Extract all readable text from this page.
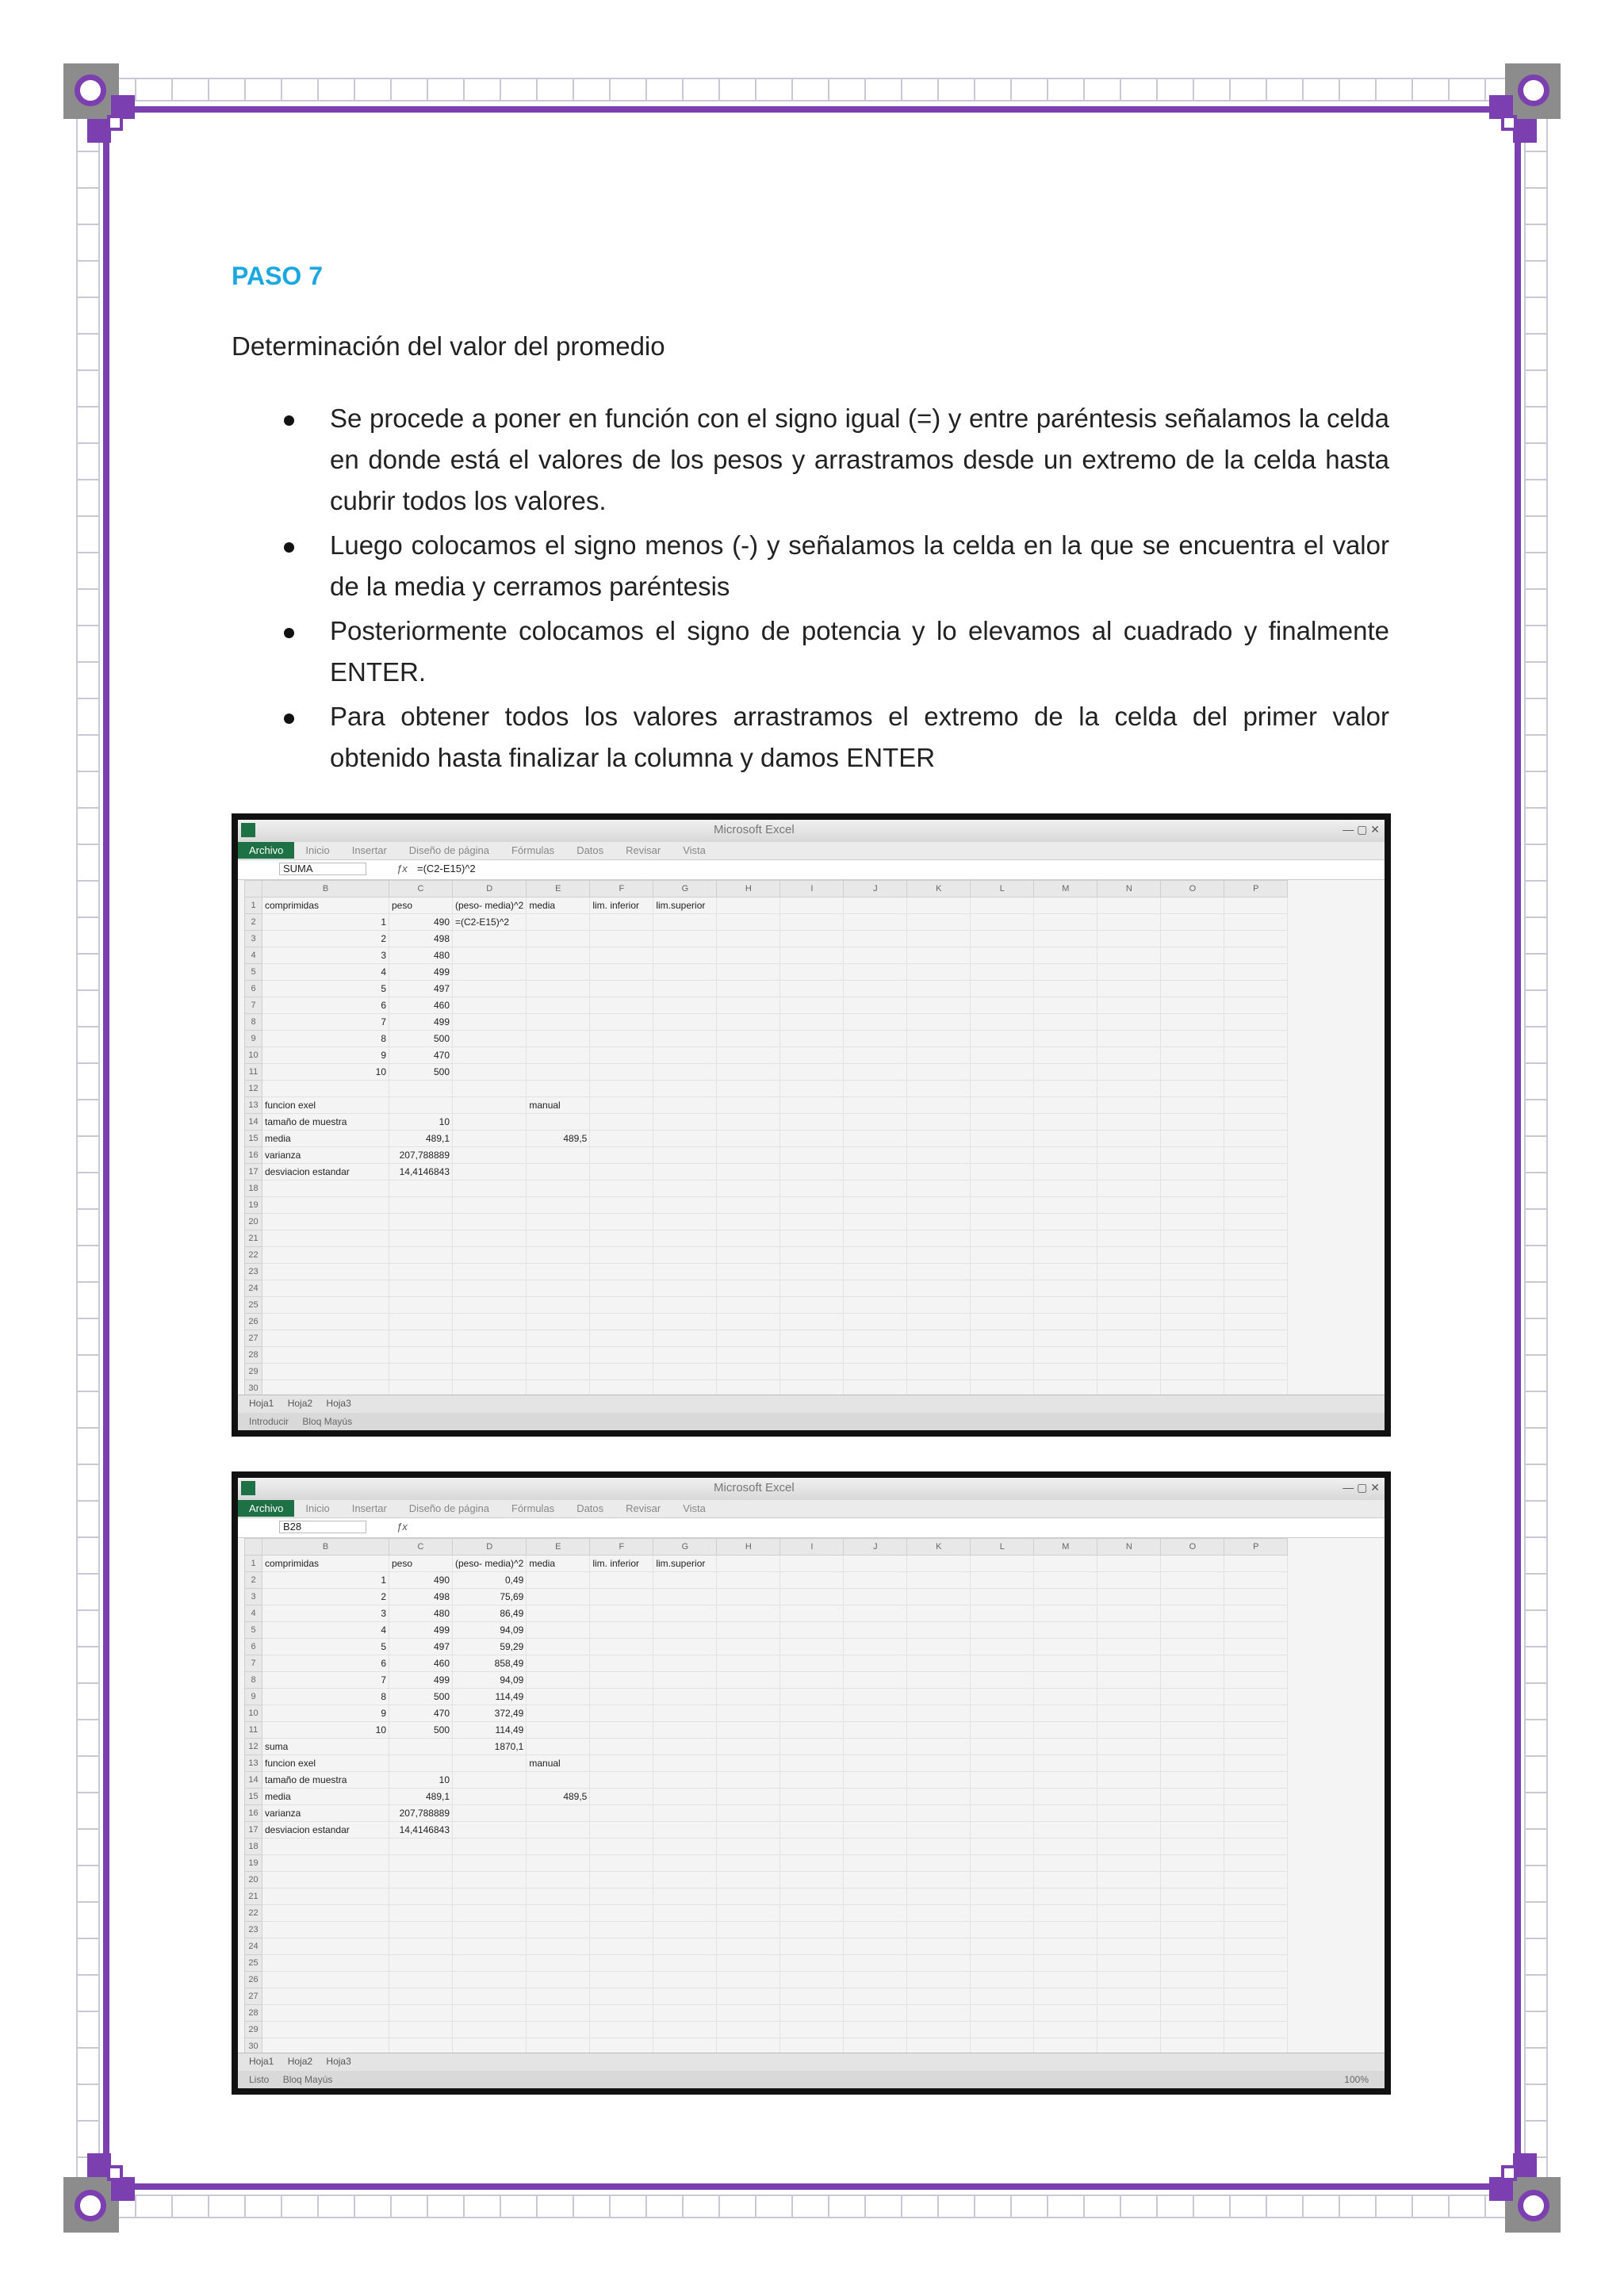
PASO 7
Determinación del valor del promedio
Se procede a poner en función con el signo igual (=) y entre paréntesis señalamos la celda en donde está el valores de los pesos y arrastramos desde un extremo de la celda hasta cubrir todos los valores.
Luego colocamos el signo menos (-) y señalamos la celda en la que se encuentra el valor de la media y cerramos paréntesis
Posteriormente colocamos el signo de potencia y lo elevamos al cuadrado y finalmente ENTER.
Para obtener todos los valores arrastramos el extremo de la celda del primer valor obtenido hasta finalizar la columna y damos ENTER
Microsoft Excel	— ▢ ✕
Archivo Inicio Insertar Diseño de página Fórmulas Datos Revisar Vista
SUMA	ƒx =(C2-E15)^2
	B	C	D	E	F	G	H	I	J	K	L	M	N	O	P
1	comprimidas	peso	(peso- media)^2	media	lim. inferior	lim.superior									
2	1	490	=(C2-E15)^2												
3	2	498													
4	3	480													
5	4	499													
6	5	497													
7	6	460													
8	7	499													
9	8	500													
10	9	470													
11	10	500													
12															
13	funcion exel			manual											
14	tamaño de muestra	10													
15	media	489,1		489,5											
16	varianza	207,788889													
17	desviacion estandar	14,4146843													
18															
19															
20															
21															
22															
23															
24															
25															
26															
27															
28															
29															
30															
Hoja1 Hoja2 Hoja3
Introducir Bloq Mayús
Microsoft Excel	— ▢ ✕
Archivo Inicio Insertar Diseño de página Fórmulas Datos Revisar Vista
B28	ƒx
	B	C	D	E	F	G	H	I	J	K	L	M	N	O	P
1	comprimidas	peso	(peso- media)^2	media	lim. inferior	lim.superior									
2	1	490	0,49												
3	2	498	75,69												
4	3	480	86,49												
5	4	499	94,09												
6	5	497	59,29												
7	6	460	858,49												
8	7	499	94,09												
9	8	500	114,49												
10	9	470	372,49												
11	10	500	114,49												
12	suma		1870,1												
13	funcion exel			manual											
14	tamaño de muestra	10													
15	media	489,1		489,5											
16	varianza	207,788889													
17	desviacion estandar	14,4146843													
18															
19															
20															
21															
22															
23															
24															
25															
26															
27															
28															
29															
30															
Hoja1 Hoja2 Hoja3
Listo Bloq Mayús	100%
